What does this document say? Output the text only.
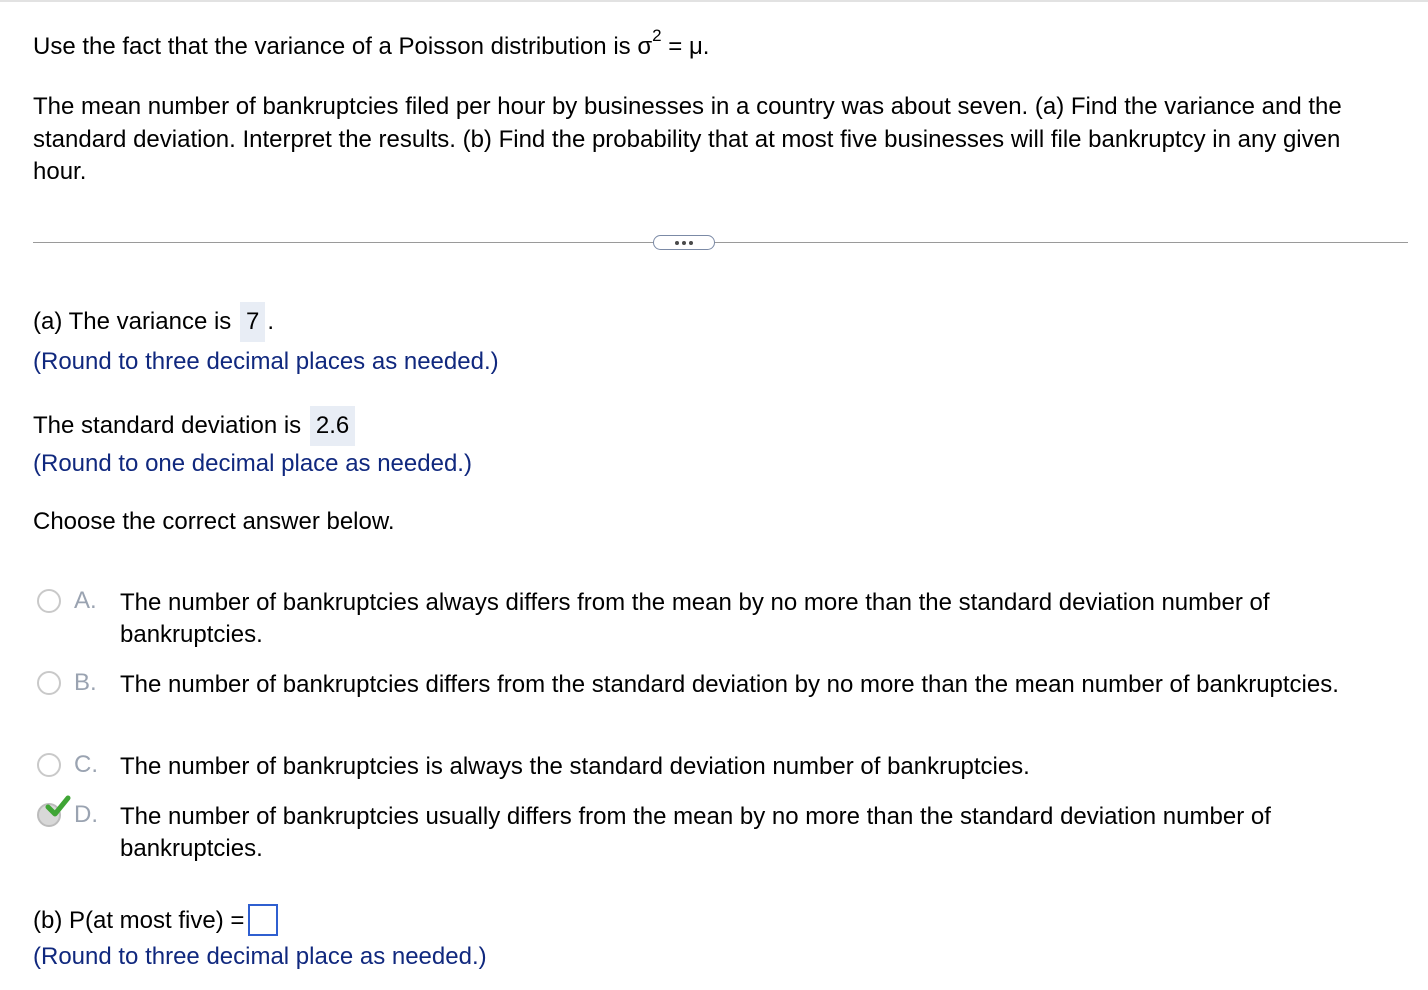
Use the fact that the variance of a Poisson distribution is $\sigma^2 = \mu$.
The mean number of bankruptcies filed per hour by businesses in a country was about seven. (a) Find the variance and the standard deviation. Interpret the results. (b) Find the probability that at most five businesses will file bankruptcy in any given hour.
(a) The variance is 7 .
(Round to three decimal places as needed.)
The standard deviation is 2.6
(Round to one decimal place as needed.)
Choose the correct answer below.
A. The number of bankruptcies always differs from the mean by no more than the standard deviation number of bankruptcies.
B. The number of bankruptcies differs from the standard deviation by no more than the mean number of bankruptcies.
C. The number of bankruptcies is always the standard deviation number of bankruptcies.
D. The number of bankruptcies usually differs from the mean by no more than the standard deviation number of bankruptcies.
(b) P(at most five) =
(Round to three decimal place as needed.)
